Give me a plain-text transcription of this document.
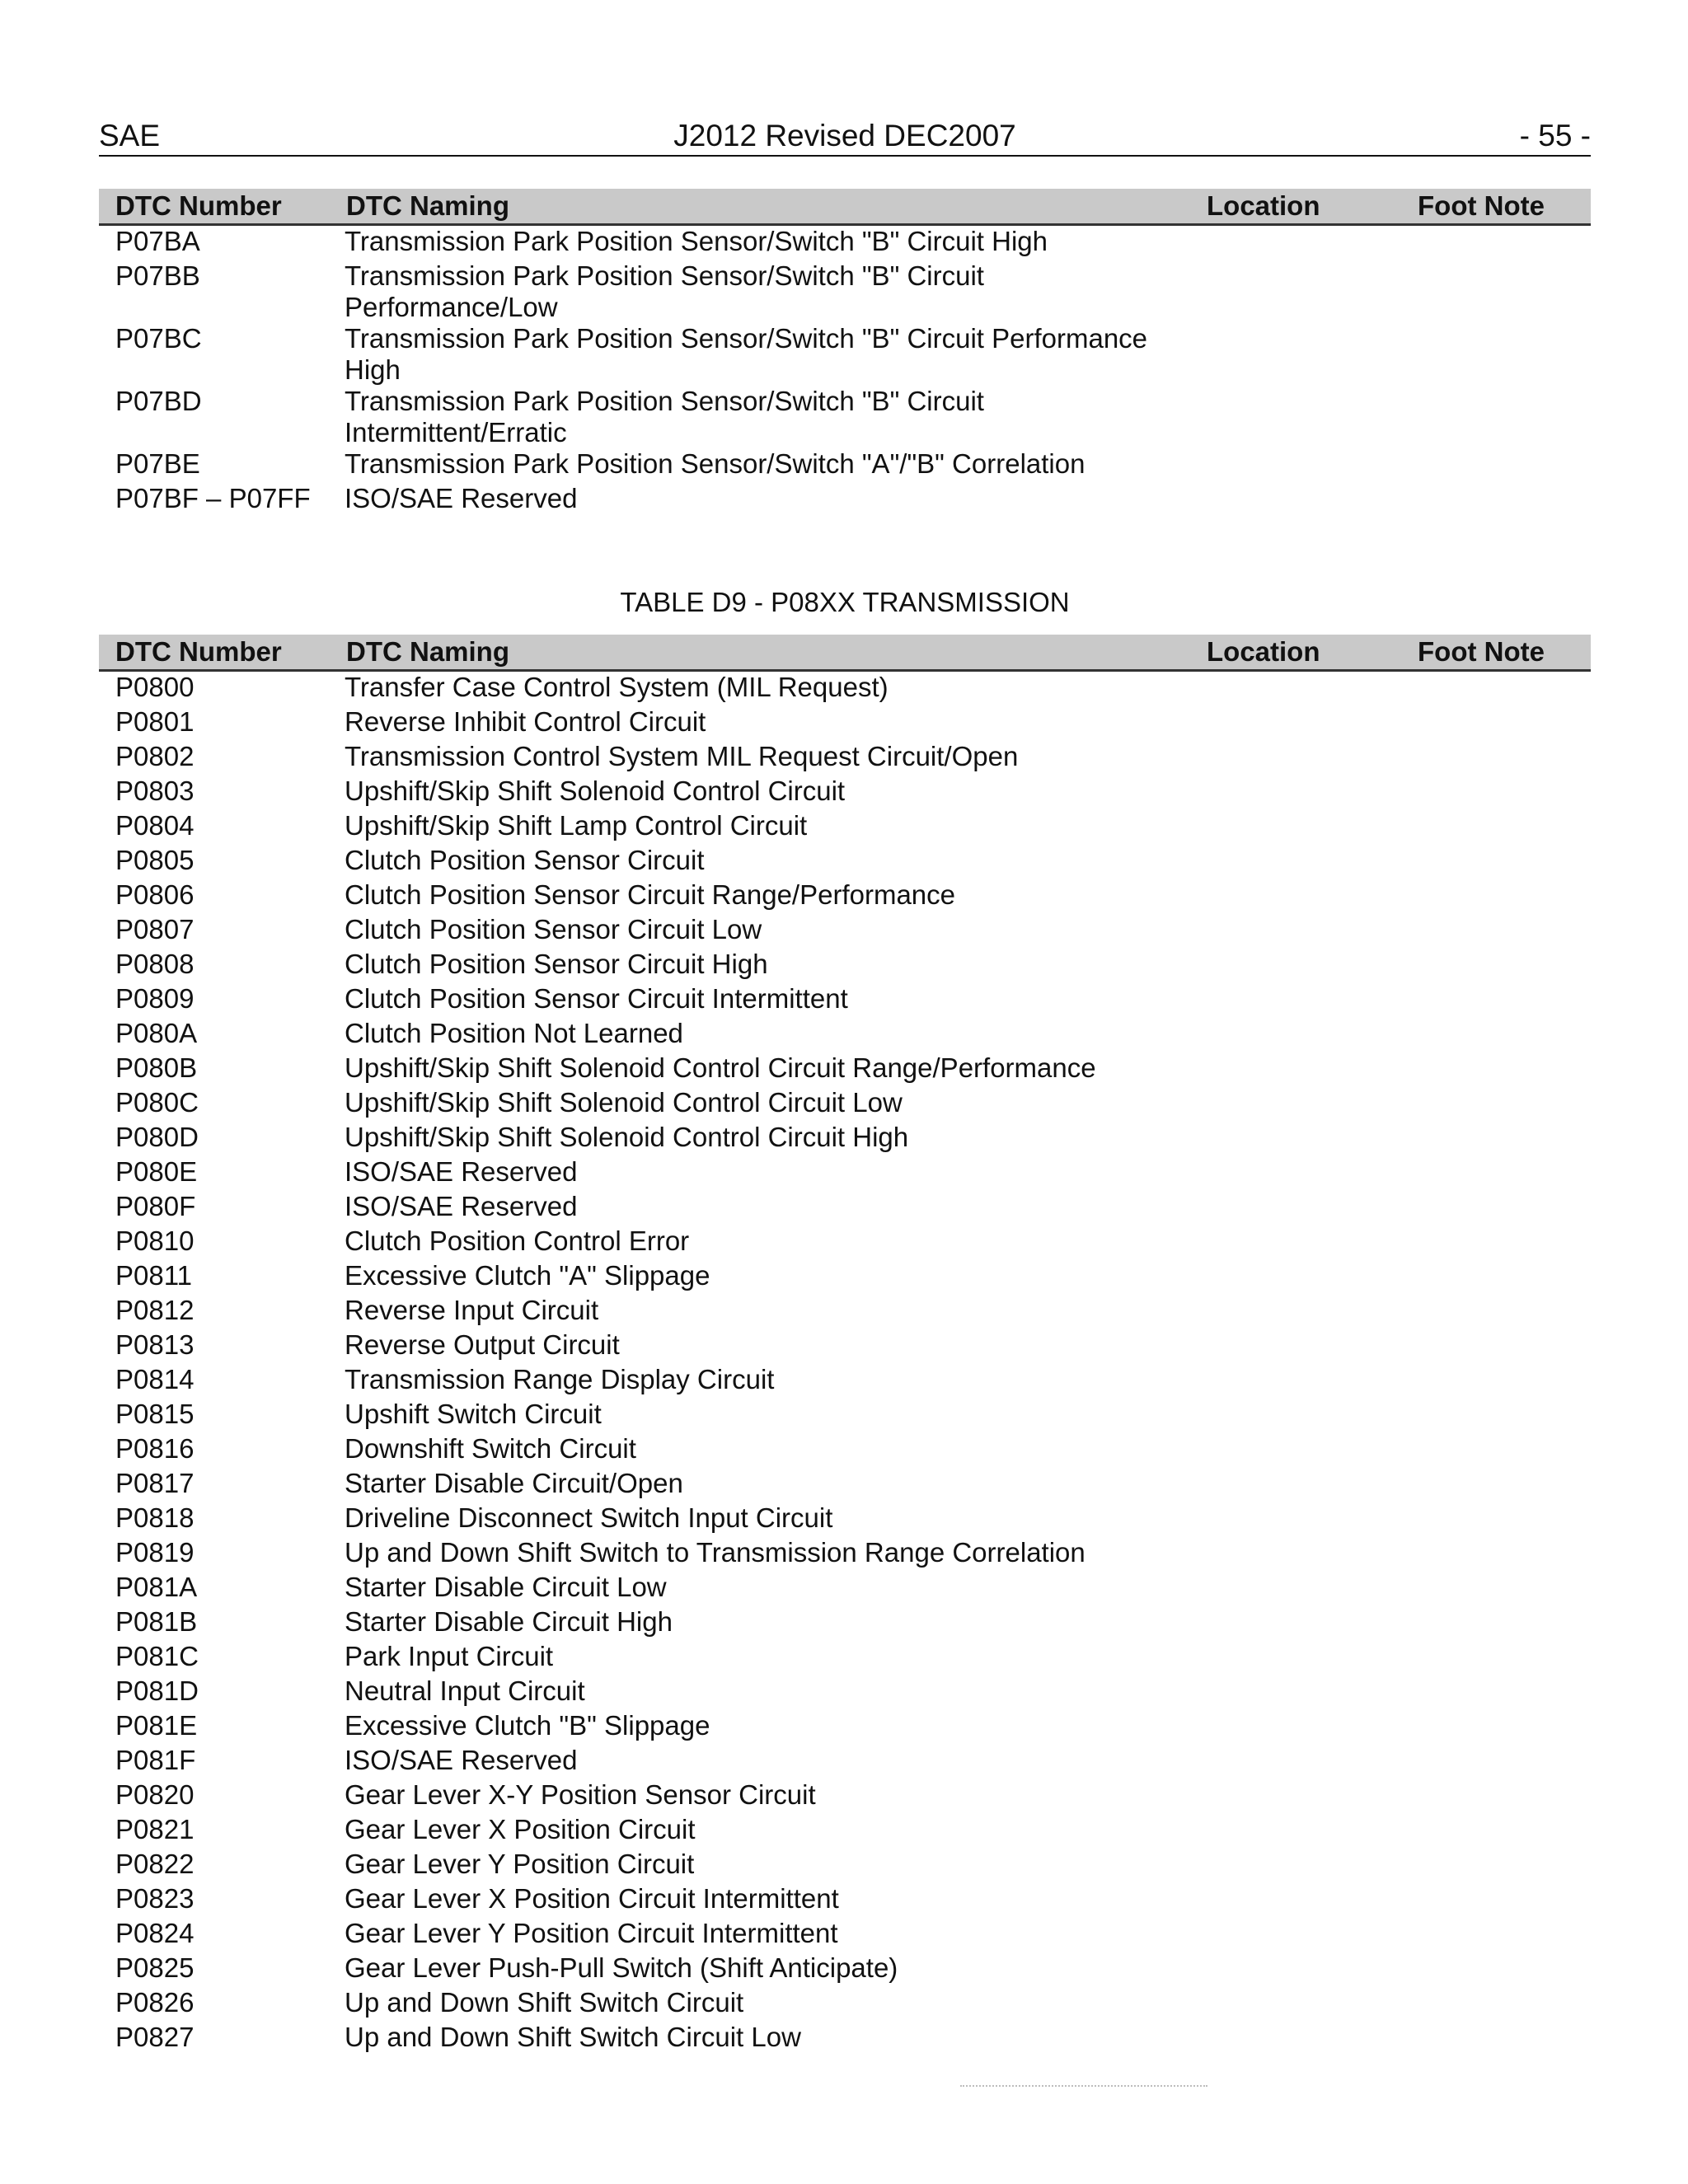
SAE	J2012 Revised DEC2007	- 55 -
DTC Number	DTC Naming	Location	Foot Note
P07BA	Transmission Park Position Sensor/Switch "B" Circuit High		
P07BB	Transmission Park Position Sensor/Switch "B" Circuit Performance/Low		
P07BC	Transmission Park Position Sensor/Switch "B" Circuit Performance High		
P07BD	Transmission Park Position Sensor/Switch "B" Circuit Intermittent/Erratic		
P07BE	Transmission Park Position Sensor/Switch "A"/"B" Correlation		
P07BF – P07FF	ISO/SAE Reserved		
TABLE D9 - P08XX TRANSMISSION
DTC Number	DTC Naming	Location	Foot Note
P0800	Transfer Case Control System (MIL Request)		
P0801	Reverse Inhibit Control Circuit		
P0802	Transmission Control System MIL Request Circuit/Open		
P0803	Upshift/Skip Shift Solenoid Control Circuit		
P0804	Upshift/Skip Shift Lamp Control Circuit		
P0805	Clutch Position Sensor Circuit		
P0806	Clutch Position Sensor Circuit Range/Performance		
P0807	Clutch Position Sensor Circuit Low		
P0808	Clutch Position Sensor Circuit High		
P0809	Clutch Position Sensor Circuit Intermittent		
P080A	Clutch Position Not Learned		
P080B	Upshift/Skip Shift Solenoid Control Circuit Range/Performance		
P080C	Upshift/Skip Shift Solenoid Control Circuit Low		
P080D	Upshift/Skip Shift Solenoid Control Circuit High		
P080E	ISO/SAE Reserved		
P080F	ISO/SAE Reserved		
P0810	Clutch Position Control Error		
P0811	Excessive Clutch "A" Slippage		
P0812	Reverse Input Circuit		
P0813	Reverse Output Circuit		
P0814	Transmission Range Display Circuit		
P0815	Upshift Switch Circuit		
P0816	Downshift Switch Circuit		
P0817	Starter Disable Circuit/Open		
P0818	Driveline Disconnect Switch Input Circuit		
P0819	Up and Down Shift Switch to Transmission Range Correlation		
P081A	Starter Disable Circuit Low		
P081B	Starter Disable Circuit High		
P081C	Park Input Circuit		
P081D	Neutral Input Circuit		
P081E	Excessive Clutch "B" Slippage		
P081F	ISO/SAE Reserved		
P0820	Gear Lever X-Y Position Sensor Circuit		
P0821	Gear Lever X Position Circuit		
P0822	Gear Lever Y Position Circuit		
P0823	Gear Lever X Position Circuit Intermittent		
P0824	Gear Lever Y Position Circuit Intermittent		
P0825	Gear Lever Push-Pull Switch (Shift Anticipate)		
P0826	Up and Down Shift Switch Circuit		
P0827	Up and Down Shift Switch Circuit Low		
